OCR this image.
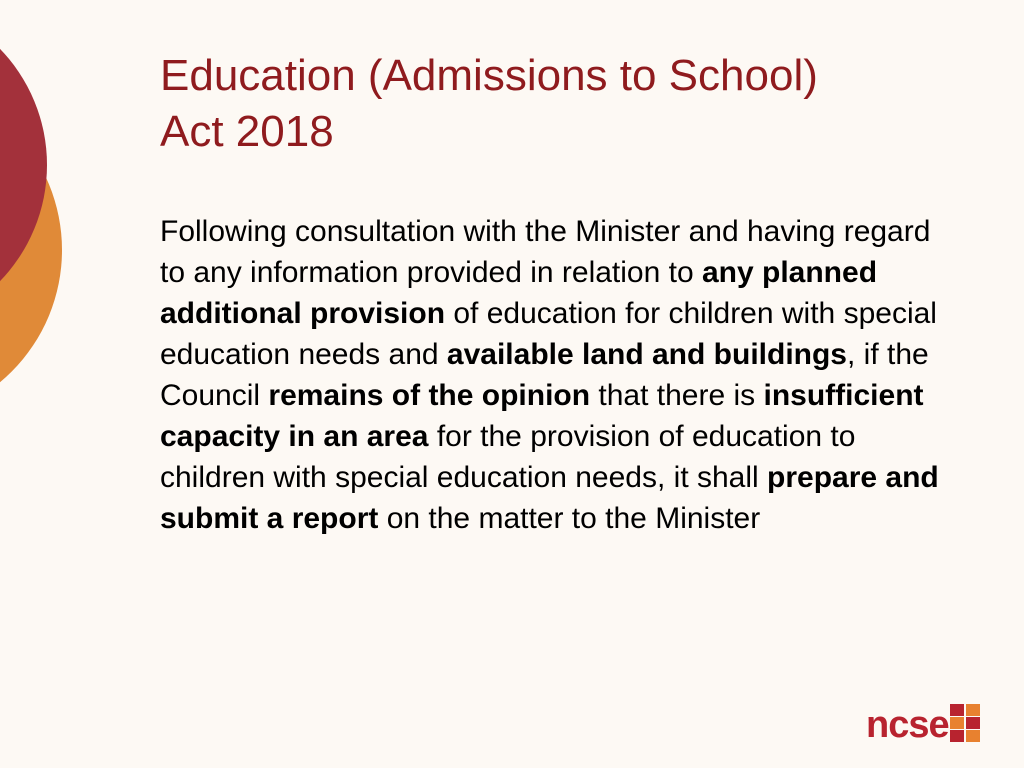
Education (Admissions to School)
Act 2018

Following consultation with the Minister and having regard to any information provided in relation to any planned additional provision of education for children with special education needs and available land and buildings, if the Council remains of the opinion that there is insufficient capacity in an area for the provision of education to children with special education needs, it shall prepare and submit a report on the matter to the Minister

ncse
